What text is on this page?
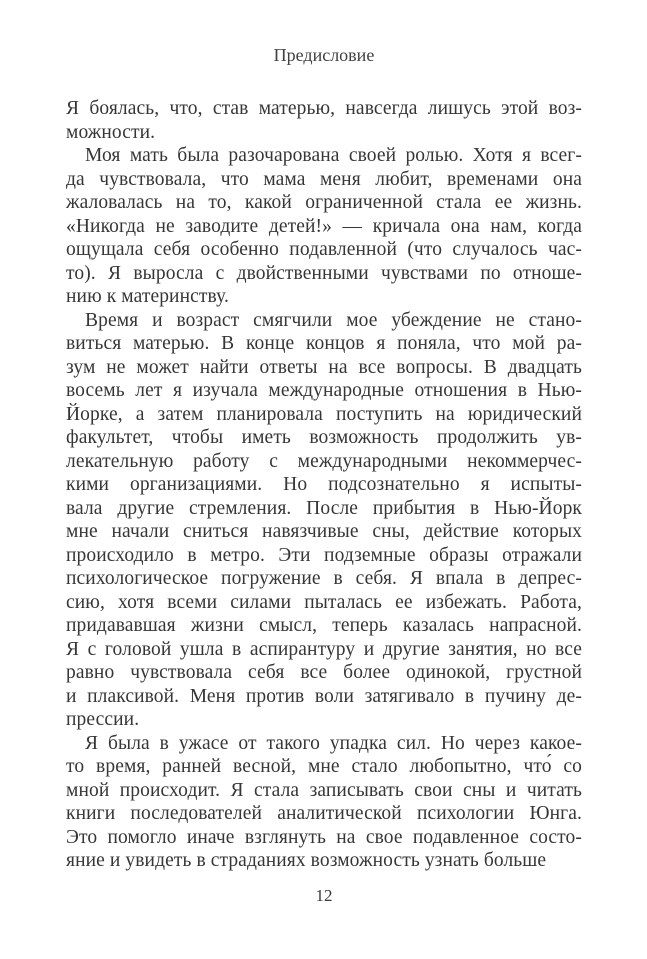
Предисловие

Я боялась, что, став матерью, навсегда лишусь этой воз-
можности.

Моя мать была разочарована своей ролью. Хотя я всег-
да чувствовала, что мама меня любит, временами она
жаловалась на то, какой ограниченной стала ее жизнь.
«Никогда не заводите детей!» — кричала она нам, когда
ощущала себя особенно подавленной (что случалось час-
то). Я выросла с двойственными чувствами по отноше-
нию к материнству.

Время и возраст смягчили мое убеждение не стано-
виться матерью. В конце концов я поняла, что мой ра-
зум не может найти ответы на все вопросы. В двадцать
восемь лет я изучала международные отношения в Нью-
Йорке, а затем планировала поступить на юридический
факультет, чтобы иметь возможность продолжить ув-
лекательную работу с международными некоммерчес-
кими организациями. Но подсознательно я испыты-
вала другие стремления. После прибытия в Нью-Йорк
мне начали сниться навязчивые сны, действие которых
происходило в метро. Эти подземные образы отражали
психологическое погружение в себя. Я впала в депрес-
сию, хотя всеми силами пыталась ее избежать. Работа,
придававшая жизни смысл, теперь казалась напрасной.
Я с головой ушла в аспирантуру и другие занятия, но все
равно чувствовала себя все более одинокой, грустной
и плаксивой. Меня против воли затягивало в пучину де-
прессии.

Я была в ужасе от такого упадка сил. Но через какое-
то время, ранней весной, мне стало любопытно, что́ со
мной происходит. Я стала записывать свои сны и читать
книги последователей аналитической психологии Юнга.
Это помогло иначе взглянуть на свое подавленное состо-
яние и увидеть в страданиях возможность узнать больше

12
